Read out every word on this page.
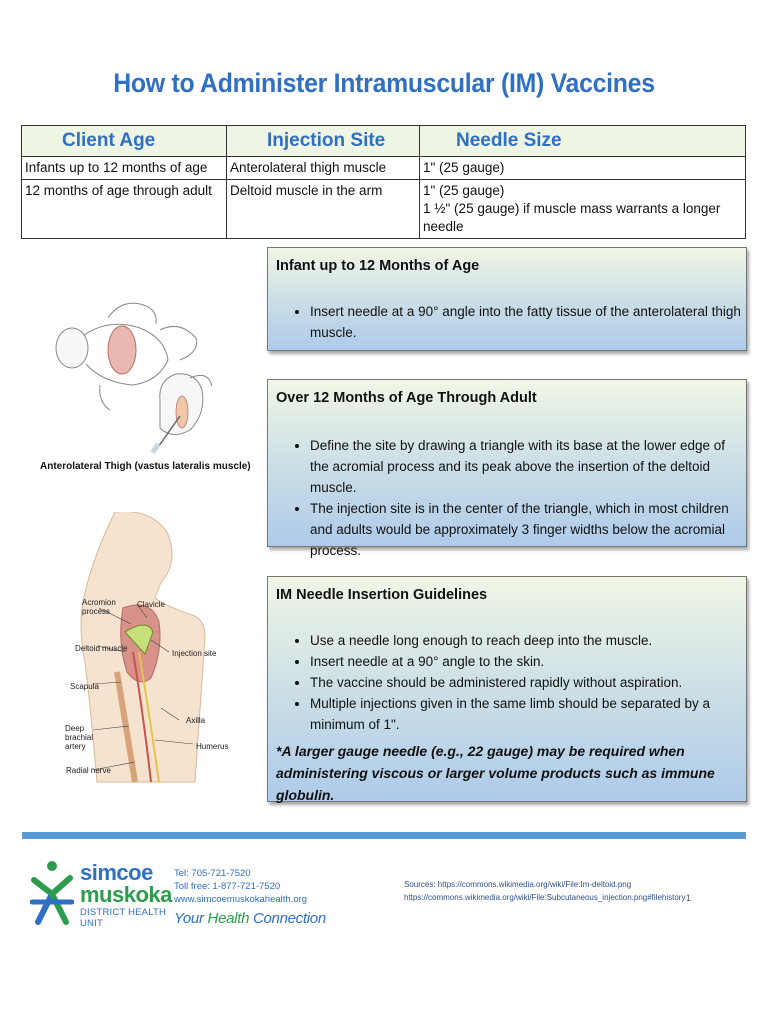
How to Administer Intramuscular (IM) Vaccines
Client Age	Injection Site	Needle Size
Infants up to 12 months of age	Anterolateral thigh muscle	1" (25 gauge)
12 months of age through adult	Deltoid muscle in the arm	1" (25 gauge)
1 ½" (25 gauge) if muscle mass warrants a longer needle
Anterolateral Thigh (vastus lateralis muscle)
Acromion process
Clavicle
Deltoid muscle
Injection site
Scapula
Axilla
Deep brachial artery	Humerus
Radial nerve
Infant up to 12 Months of Age
• Insert needle at a 90° angle into the fatty tissue of the anterolateral thigh muscle.
Over 12 Months of Age Through Adult
• Define the site by drawing a triangle with its base at the lower edge of the acromial process and its peak above the insertion of the deltoid muscle.
• The injection site is in the center of the triangle, which in most children and adults would be approximately 3 finger widths below the acromial process.
IM Needle Insertion Guidelines
• Use a needle long enough to reach deep into the muscle.
• Insert needle at a 90° angle to the skin.
• The vaccine should be administered rapidly without aspiration.
• Multiple injections given in the same limb should be separated by a minimum of 1".
*A larger gauge needle (e.g., 22 gauge) may be required when administering viscous or larger volume products such as immune globulin.
simcoe
muskoka
DISTRICT HEALTH UNIT
Tel: 705-721-7520
Toll free: 1-877-721-7520
www.simcoemuskokahealth.org
Your Health Connection
Sources: https://commons.wikimedia.org/wiki/File:Im-deltoid.png
https://commons.wikimedia.org/wiki/File:Subcutaneous_injection.png#filehistory 1
